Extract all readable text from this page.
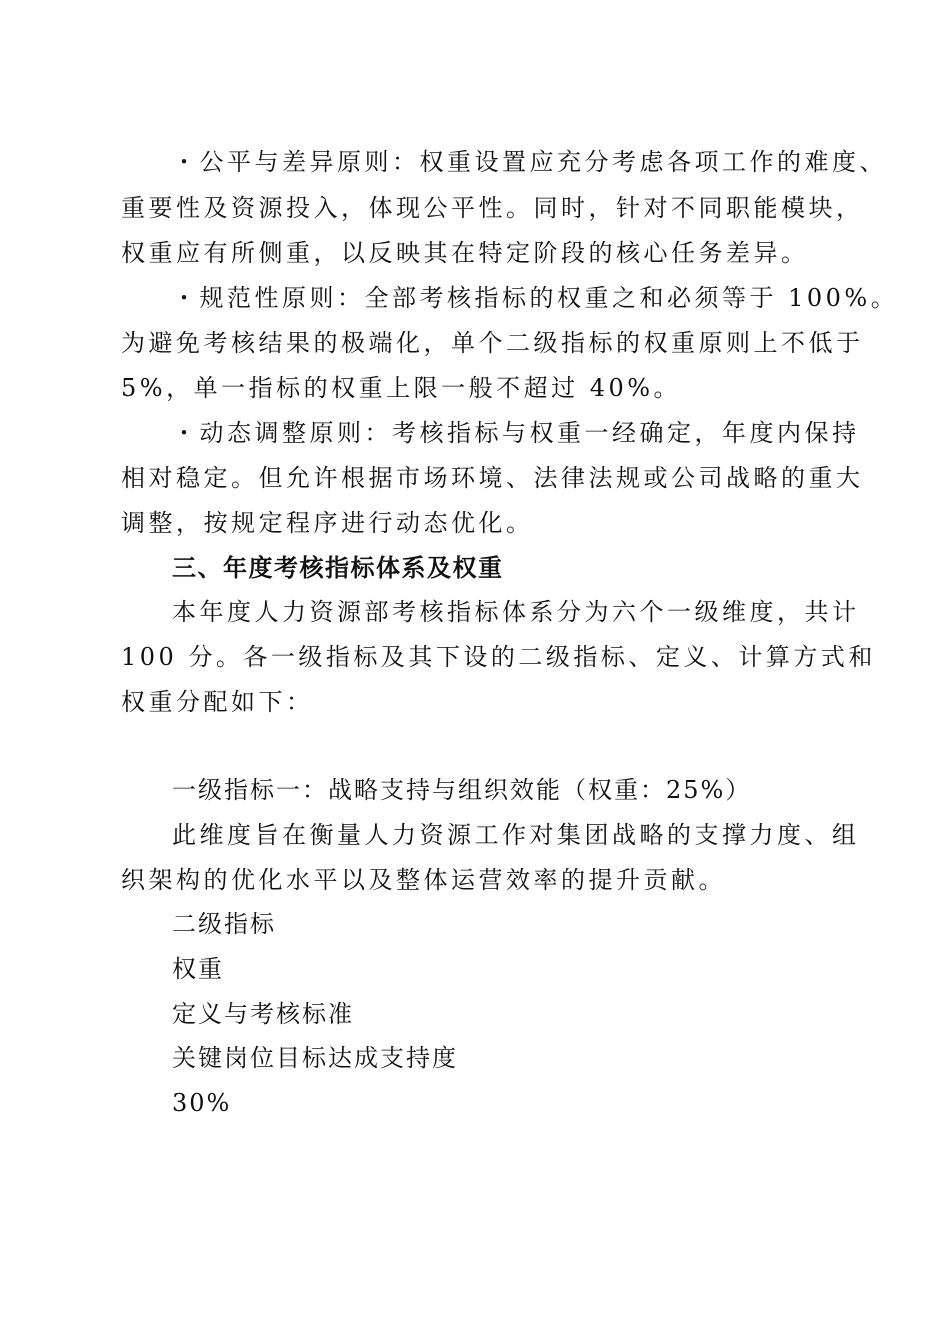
・公平与差异原则：权重设置应充分考虑各项工作的难度、
重要性及资源投入，体现公平性。同时，针对不同职能模块，
权重应有所侧重，以反映其在特定阶段的核心任务差异。
・规范性原则：全部考核指标的权重之和必须等于 100%。
为避免考核结果的极端化，单个二级指标的权重原则上不低于
5%，单一指标的权重上限一般不超过 40%。
・动态调整原则：考核指标与权重一经确定，年度内保持
相对稳定。但允许根据市场环境、法律法规或公司战略的重大
调整，按规定程序进行动态优化。
三、年度考核指标体系及权重
本年度人力资源部考核指标体系分为六个一级维度，共计
100 分。各一级指标及其下设的二级指标、定义、计算方式和
权重分配如下：
一级指标一：战略支持与组织效能（权重：25%）
此维度旨在衡量人力资源工作对集团战略的支撑力度、组
织架构的优化水平以及整体运营效率的提升贡献。
二级指标
权重
定义与考核标准
关键岗位目标达成支持度
30%
